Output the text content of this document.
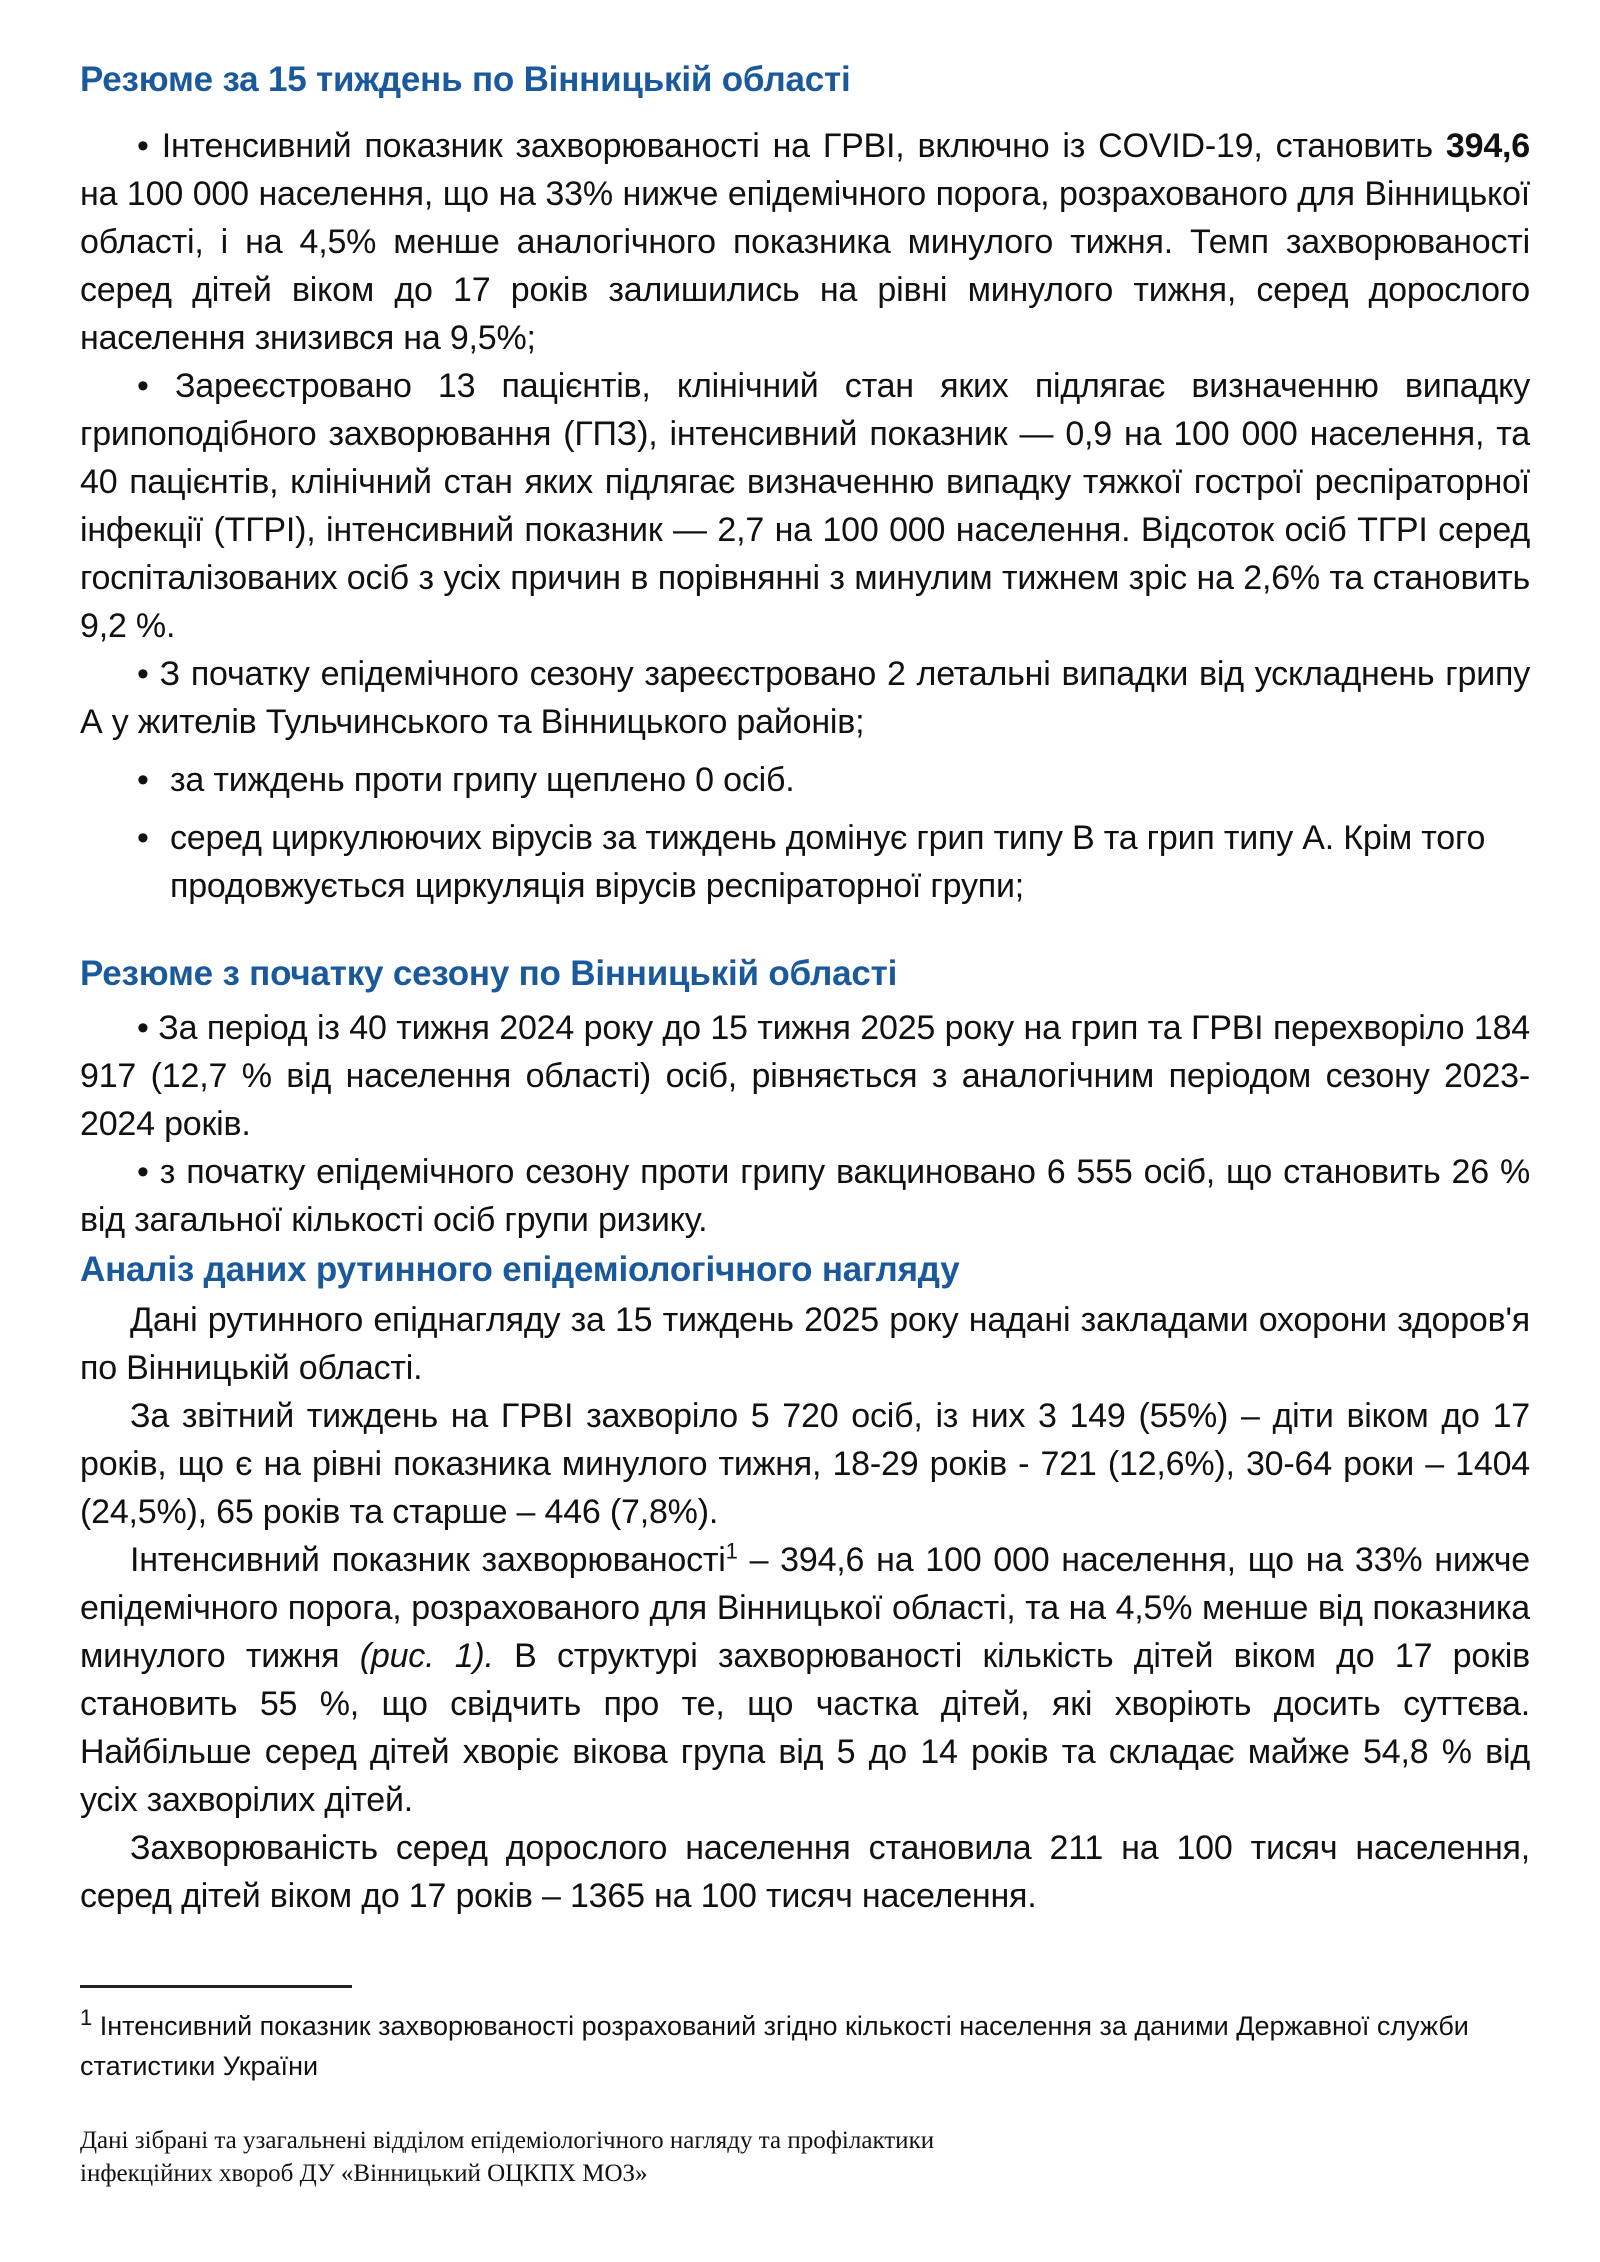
Резюме за 15 тиждень по Вінницькій області

• Інтенсивний показник захворюваності на ГРВІ, включно із COVID-19, становить 394,6 на 100 000 населення, що на 33% нижче епідемічного порога, розрахованого для Вінницької області, і на 4,5% менше аналогічного показника минулого тижня. Темп захворюваності серед дітей віком до 17 років залишились на рівні минулого тижня, серед дорослого населення знизився на 9,5%;

• Зареєстровано 13 пацієнтів, клінічний стан яких підлягає визначенню випадку грипоподібного захворювання (ГПЗ), інтенсивний показник — 0,9 на 100 000 населення, та 40 пацієнтів, клінічний стан яких підлягає визначенню випадку тяжкої гострої респіраторної інфекції (ТГРІ), інтенсивний показник — 2,7 на 100 000 населення. Відсоток осіб ТГРІ серед госпіталізованих осіб з усіх причин в порівнянні з минулим тижнем зріс на 2,6% та становить 9,2 %.

• З початку епідемічного сезону зареєстровано 2 летальні випадки від ускладнень грипу А у жителів Тульчинського та Вінницького районів;

• за тиждень проти грипу щеплено 0 осіб.

• серед циркулюючих вірусів за тиждень домінує грип типу В та грип типу А. Крім того продовжується циркуляція вірусів респіраторної групи;

Резюме з початку сезону по Вінницькій області

• За період із 40 тижня 2024 року до 15 тижня 2025 року на грип та ГРВІ перехворіло 184 917 (12,7 % від населення області) осіб, рівняється з аналогічним періодом сезону 2023-2024 років.

• з початку епідемічного сезону проти грипу вакциновано 6 555 осіб, що становить 26 % від загальної кількості осіб групи ризику.

Аналіз даних рутинного епідеміологічного нагляду

Дані рутинного епіднагляду за 15 тиждень 2025 року надані закладами охорони здоров'я по Вінницькій області.

За звітний тиждень на ГРВІ захворіло 5 720 осіб, із них 3 149 (55%) – діти віком до 17 років, що є на рівні показника минулого тижня, 18-29 років - 721 (12,6%), 30-64 роки – 1404 (24,5%), 65 років та старше – 446 (7,8%).

Інтенсивний показник захворюваності$^1$ – 394,6 на 100 000 населення, що на 33% нижче епідемічного порога, розрахованого для Вінницької області, та на 4,5% менше від показника минулого тижня (рис. 1). В структурі захворюваності кількість дітей віком до 17 років становить 55 %, що свідчить про те, що частка дітей, які хворіють досить суттєва. Найбільше серед дітей хворіє вікова група від 5 до 14 років та складає майже 54,8 % від усіх захворілих дітей.

Захворюваність серед дорослого населення становила 211 на 100 тисяч населення, серед дітей віком до 17 років – 1365 на 100 тисяч населення.

$^1$ Інтенсивний показник захворюваності розрахований згідно кількості населення за даними Державної служби статистики України

Дані зібрані та узагальнені відділом епідеміологічного нагляду та профілактики
інфекційних хвороб ДУ «Вінницький ОЦКПХ МОЗ»
